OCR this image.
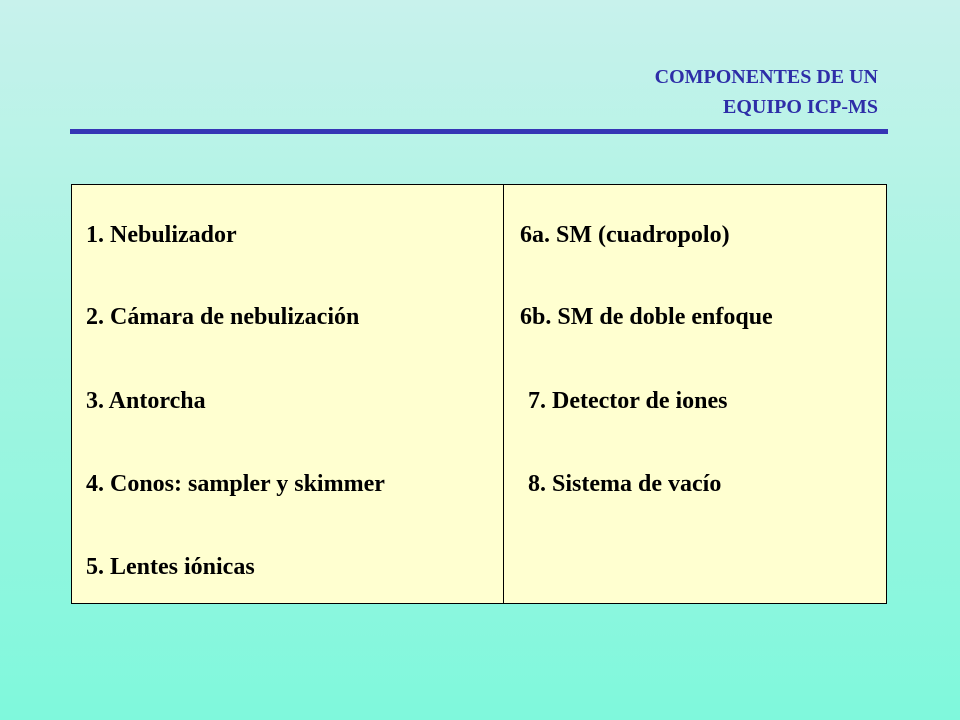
COMPONENTES DE UN
EQUIPO ICP-MS
1. Nebulizador
2. Cámara de nebulización
3. Antorcha
4. Conos: sampler y skimmer
5. Lentes iónicas
6a. SM (cuadropolo)
6b. SM de doble enfoque
7. Detector de iones
8. Sistema de vacío
